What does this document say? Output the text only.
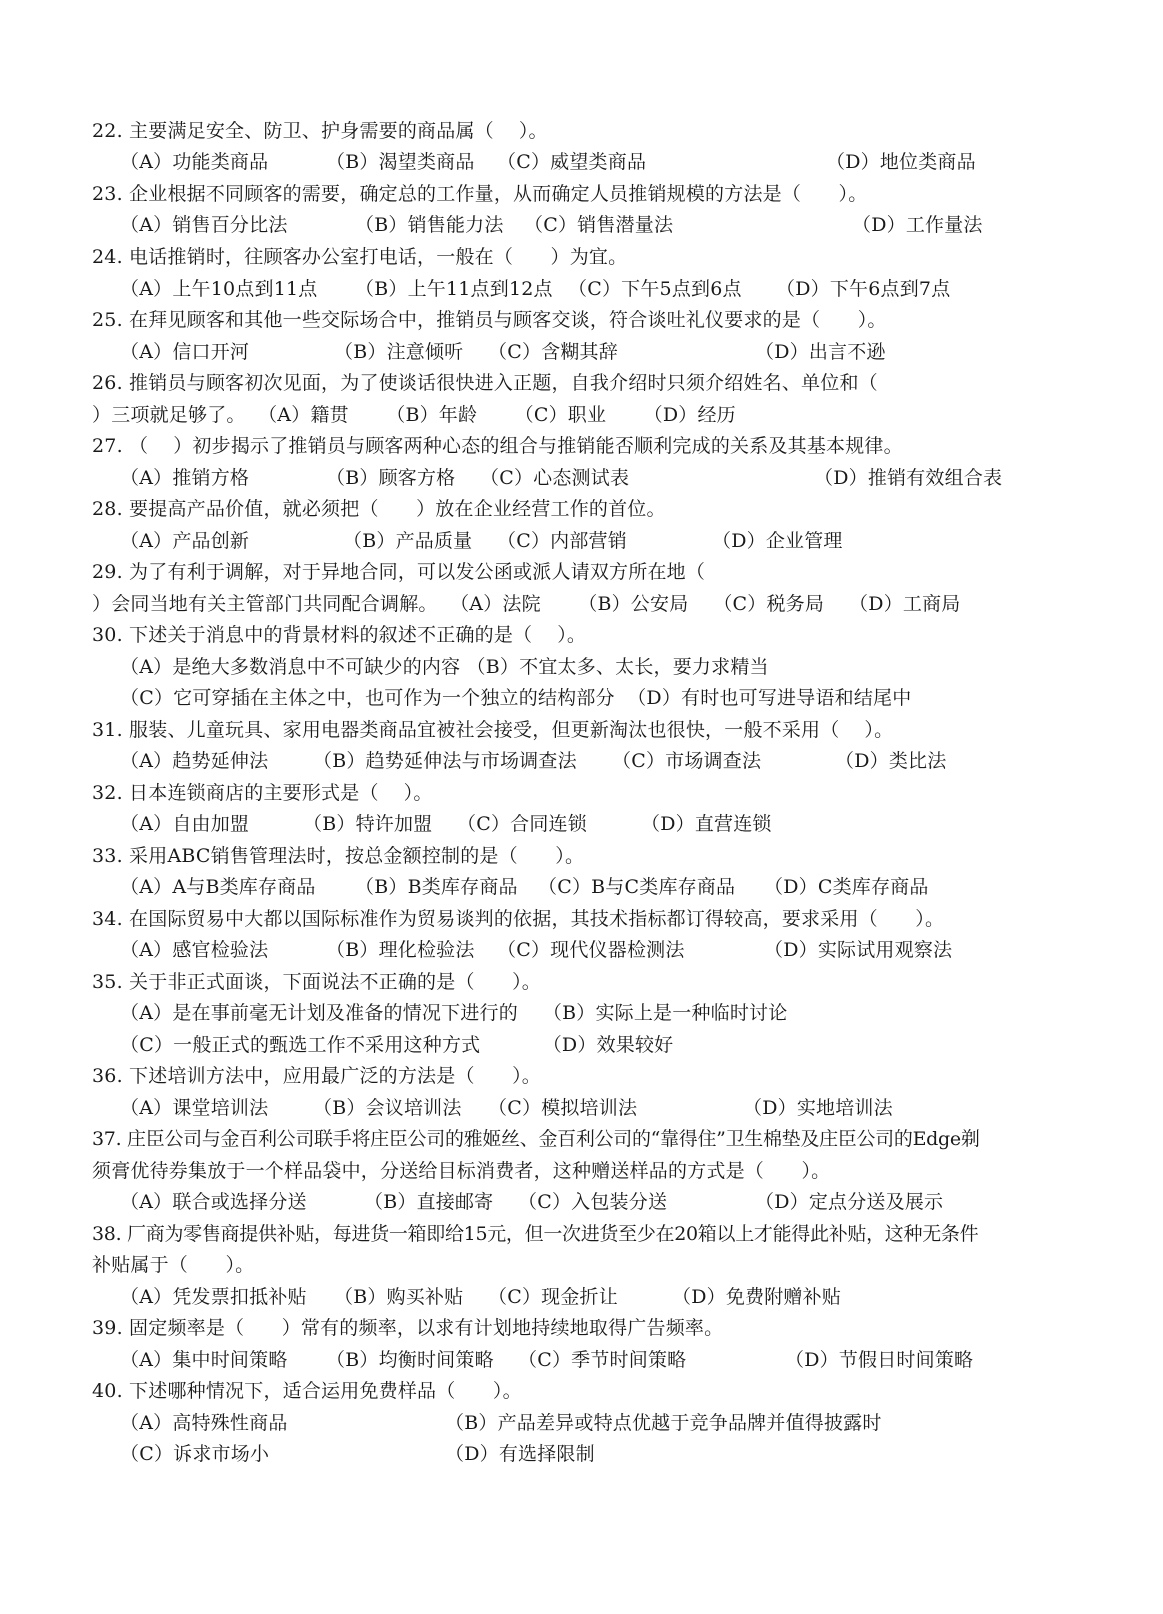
22. 主要满足安全、防卫、护身需要的商品属（    ）。
（A）功能类商品	（B）渴望类商品 （C）威望类商品	（D）地位类商品
23. 企业根据不同顾客的需要，确定总的工作量，从而确定人员推销规模的方法是（      ）。
（A）销售百分比法	（B）销售能力法 （C）销售潜量法	（D）工作量法
24. 电话推销时，往顾客办公室打电话，一般在（      ）为宜。
（A）上午10点到11点 （B）上午11点到12点 （C）下午5点到6点 （D）下午6点到7点
25. 在拜见顾客和其他一些交际场合中，推销员与顾客交谈，符合谈吐礼仪要求的是（      ）。
（A）信口开河	（B）注意倾听 （C）含糊其辞	（D）出言不逊
26. 推销员与顾客初次见面，为了使谈话很快进入正题，自我介绍时只须介绍姓名、单位和（
）三项就足够了。  （A）籍贯      （B）年龄      （C）职业      （D）经历
27. （    ）初步揭示了推销员与顾客两种心态的组合与推销能否顺利完成的关系及其基本规律。
（A）推销方格	（B）顾客方格 （C）心态测试表	（D）推销有效组合表
28. 要提高产品价值，就必须把（      ）放在企业经营工作的首位。
（A）产品创新	（B）产品质量 （C）内部营销	（D）企业管理
29. 为了有利于调解，对于异地合同，可以发公函或派人请双方所在地（
）会同当地有关主管部门共同配合调解。  （A）法院      （B）公安局    （C）税务局    （D）工商局
30. 下述关于消息中的背景材料的叙述不正确的是（    ）。
（A）是绝大多数消息中不可缺少的内容 （B）不宜太多、太长，要力求精当
（C）它可穿插在主体之中，也可作为一个独立的结构部分  （D）有时也可写进导语和结尾中
31. 服装、儿童玩具、家用电器类商品宜被社会接受，但更新淘汰也很快，一般不采用（    ）。
（A）趋势延伸法 （B）趋势延伸法与市场调查法 （C）市场调查法	（D）类比法
32. 日本连锁商店的主要形式是（    ）。
（A）自由加盟	（B）特许加盟 （C）合同连锁	（D）直营连锁
33. 采用ABC销售管理法时，按总金额控制的是（      ）。
（A）A与B类库存商品 （B）B类库存商品 （C）B与C类库存商品 （D）C类库存商品
34. 在国际贸易中大都以国际标准作为贸易谈判的依据，其技术指标都订得较高，要求采用（      ）。
（A）感官检验法	（B）理化检验法 （C）现代仪器检测法	（D）实际试用观察法
35. 关于非正式面谈，下面说法不正确的是（      ）。
（A）是在事前毫无计划及准备的情况下进行的    （B）实际上是一种临时讨论
（C）一般正式的甄选工作不采用这种方式          （D）效果较好
36. 下述培训方法中，应用最广泛的方法是（      ）。
（A）课堂培训法 （B）会议培训法 （C）模拟培训法	（D）实地培训法
37. 庄臣公司与金百利公司联手将庄臣公司的雅姬丝、金百利公司的“靠得住”卫生棉垫及庄臣公司的Edge剃
须膏优待券集放于一个样品袋中，分送给目标消费者，这种赠送样品的方式是（      ）。
（A）联合或选择分送	（B）直接邮寄 （C）入包装分送	（D）定点分送及展示
38. 厂商为零售商提供补贴，每进货一箱即给15元，但一次进货至少在20箱以上才能得此补贴，这种无条件
补贴属于（      ）。
（A）凭发票扣抵补贴 （B）购买补贴 （C）现金折让	（D）免费附赠补贴
39. 固定频率是（      ）常有的频率，以求有计划地持续地取得广告频率。
（A）集中时间策略 （B）均衡时间策略 （C）季节时间策略	（D）节假日时间策略
40. 下述哪种情况下，适合运用免费样品（      ）。
（A）高特殊性商品	（B）产品差异或特点优越于竞争品牌并值得披露时
（C）诉求市场小	（D）有选择限制
